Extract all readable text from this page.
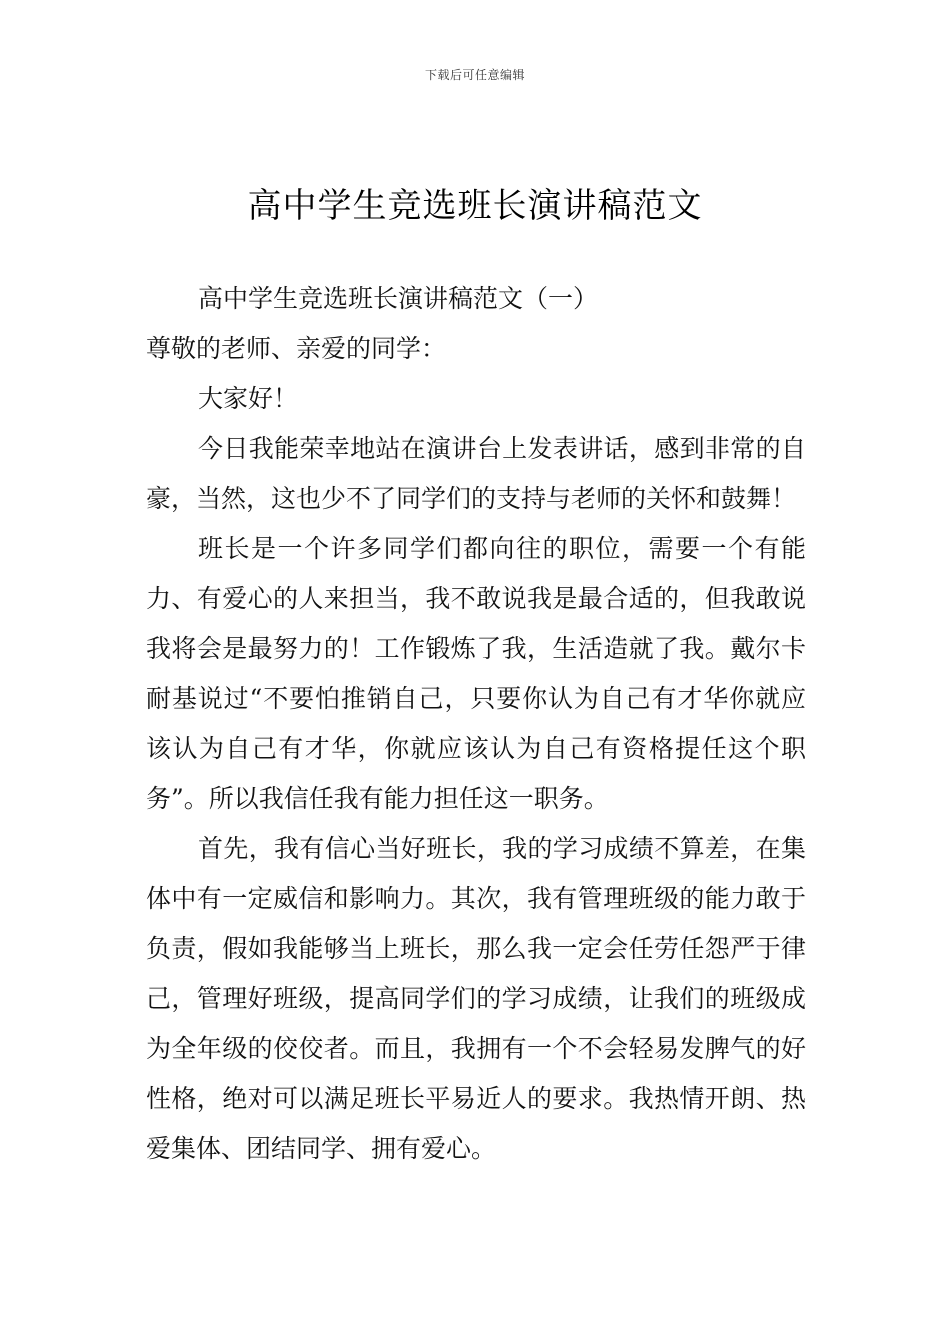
下载后可任意编辑
高中学生竞选班长演讲稿范文

高中学生竞选班长演讲稿范文（一）

尊敬的老师、亲爱的同学：

大家好！

今日我能荣幸地站在演讲台上发表讲话，感到非常的自豪，当然，这也少不了同学们的支持与老师的关怀和鼓舞！

班长是一个许多同学们都向往的职位，需要一个有能力、有爱心的人来担当，我不敢说我是最合适的，但我敢说我将会是最努力的！工作锻炼了我，生活造就了我。戴尔卡耐基说过“不要怕推销自己，只要你认为自己有才华你就应该认为自己有才华，你就应该认为自己有资格提任这个职务”。所以我信任我有能力担任这一职务。

首先，我有信心当好班长，我的学习成绩不算差，在集体中有一定威信和影响力。其次，我有管理班级的能力敢于负责，假如我能够当上班长，那么我一定会任劳任怨严于律己，管理好班级，提高同学们的学习成绩，让我们的班级成为全年级的佼佼者。而且，我拥有一个不会轻易发脾气的好性格，绝对可以满足班长平易近人的要求。我热情开朗、热爱集体、团结同学、拥有爱心。
